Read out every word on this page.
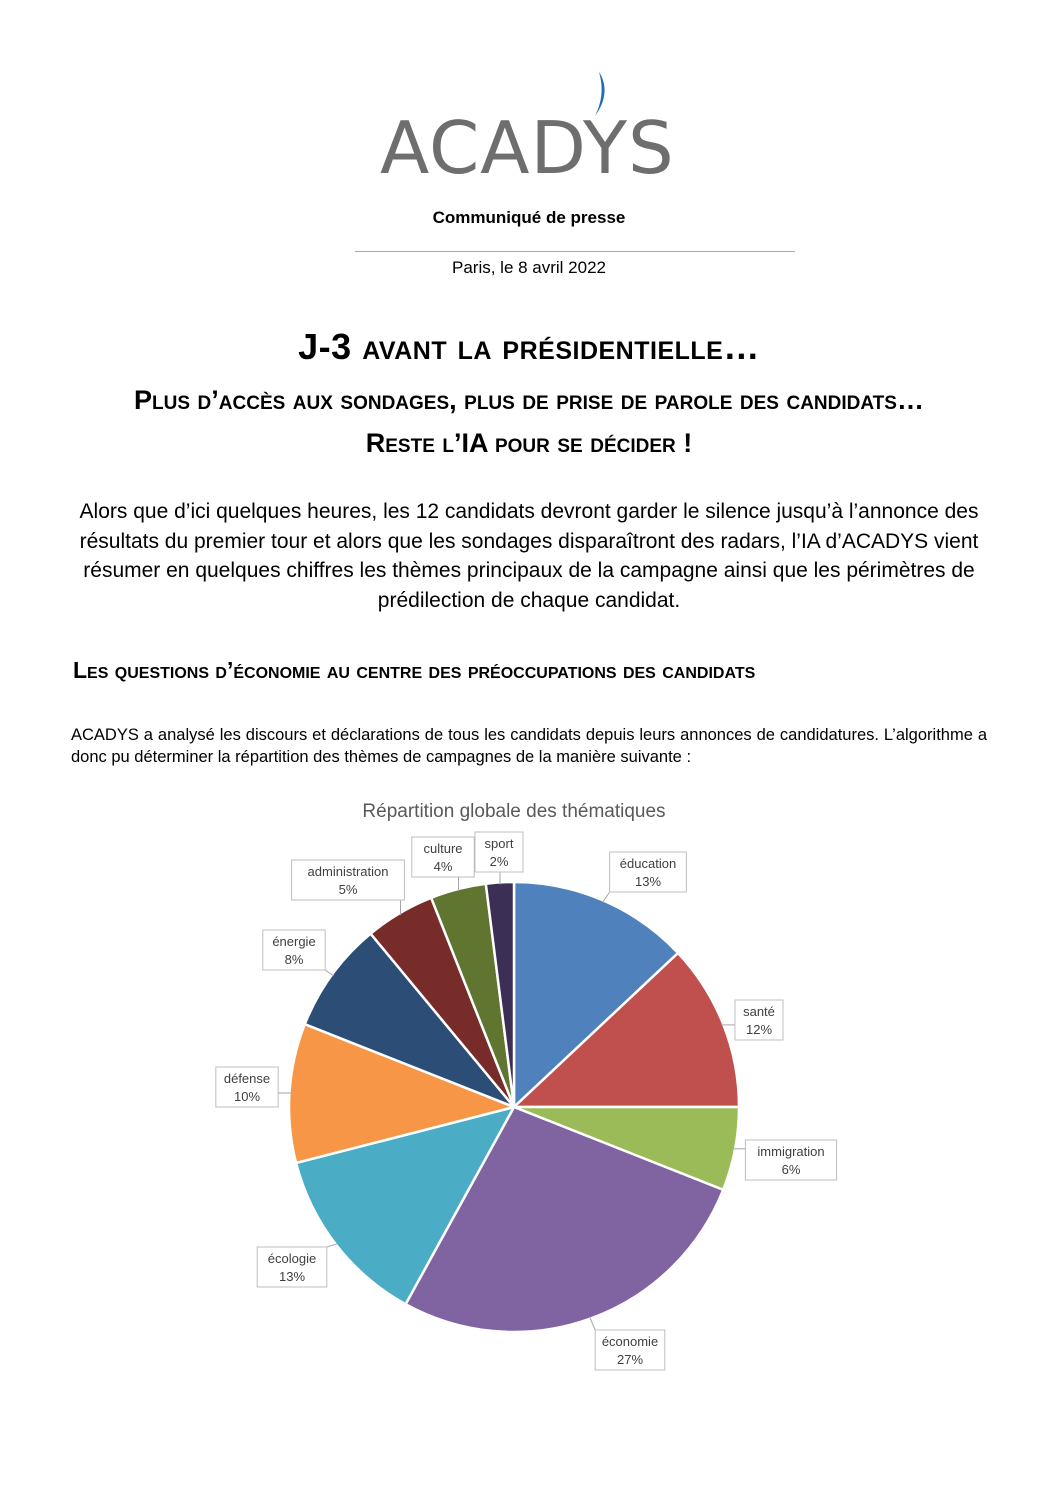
ACADYS
Communiqué de presse
Paris, le 8 avril 2022
J-3 avant la présidentielle…
Plus d’accès aux sondages, plus de prise de parole des candidats…
Reste l’IA pour se décider !
Alors que d’ici quelques heures, les 12 candidats devront garder le silence jusqu’à l’annonce des résultats du premier tour et alors que les sondages disparaîtront des radars, l’IA d’ACADYS vient résumer en quelques chiffres les thèmes principaux de la campagne ainsi que les périmètres de prédilection de chaque candidat.
Les questions d’économie au centre des préoccupations des candidats
ACADYS a analysé les discours et déclarations de tous les candidats depuis leurs annonces de candidatures. L’algorithme a donc pu déterminer la répartition des thèmes de campagnes de la manière suivante :
Répartition globale des thématiques
éducation
13%
santé
12%
immigration
6%
économie
27%
écologie
13%
défense
10%
énergie
8%
administration
5%
culture
4%
sport
2%
